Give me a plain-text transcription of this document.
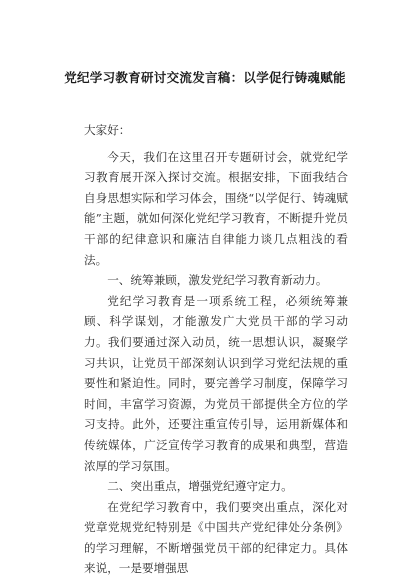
党纪学习教育研讨交流发言稿：以学促行铸魂赋能

大家好：

今天，我们在这里召开专题研讨会，就党纪学习教育展开深入探讨交流。根据安排，下面我结合自身思想实际和学习体会，围绕“以学促行、铸魂赋能”主题，就如何深化党纪学习教育，不断提升党员干部的纪律意识和廉洁自律能力谈几点粗浅的看法。

一、统筹兼顾，激发党纪学习教育新动力。

党纪学习教育是一项系统工程，必须统筹兼顾、科学谋划，才能激发广大党员干部的学习动力。我们要通过深入动员，统一思想认识，凝聚学习共识，让党员干部深刻认识到学习党纪法规的重要性和紧迫性。同时，要完善学习制度，保障学习时间，丰富学习资源，为党员干部提供全方位的学习支持。此外，还要注重宣传引导，运用新媒体和传统媒体，广泛宣传学习教育的成果和典型，营造浓厚的学习氛围。

二、突出重点，增强党纪遵守定力。

在党纪学习教育中，我们要突出重点，深化对党章党规党纪特别是《中国共产党纪律处分条例》的学习理解，不断增强党员干部的纪律定力。具体来说，一是要增强思
